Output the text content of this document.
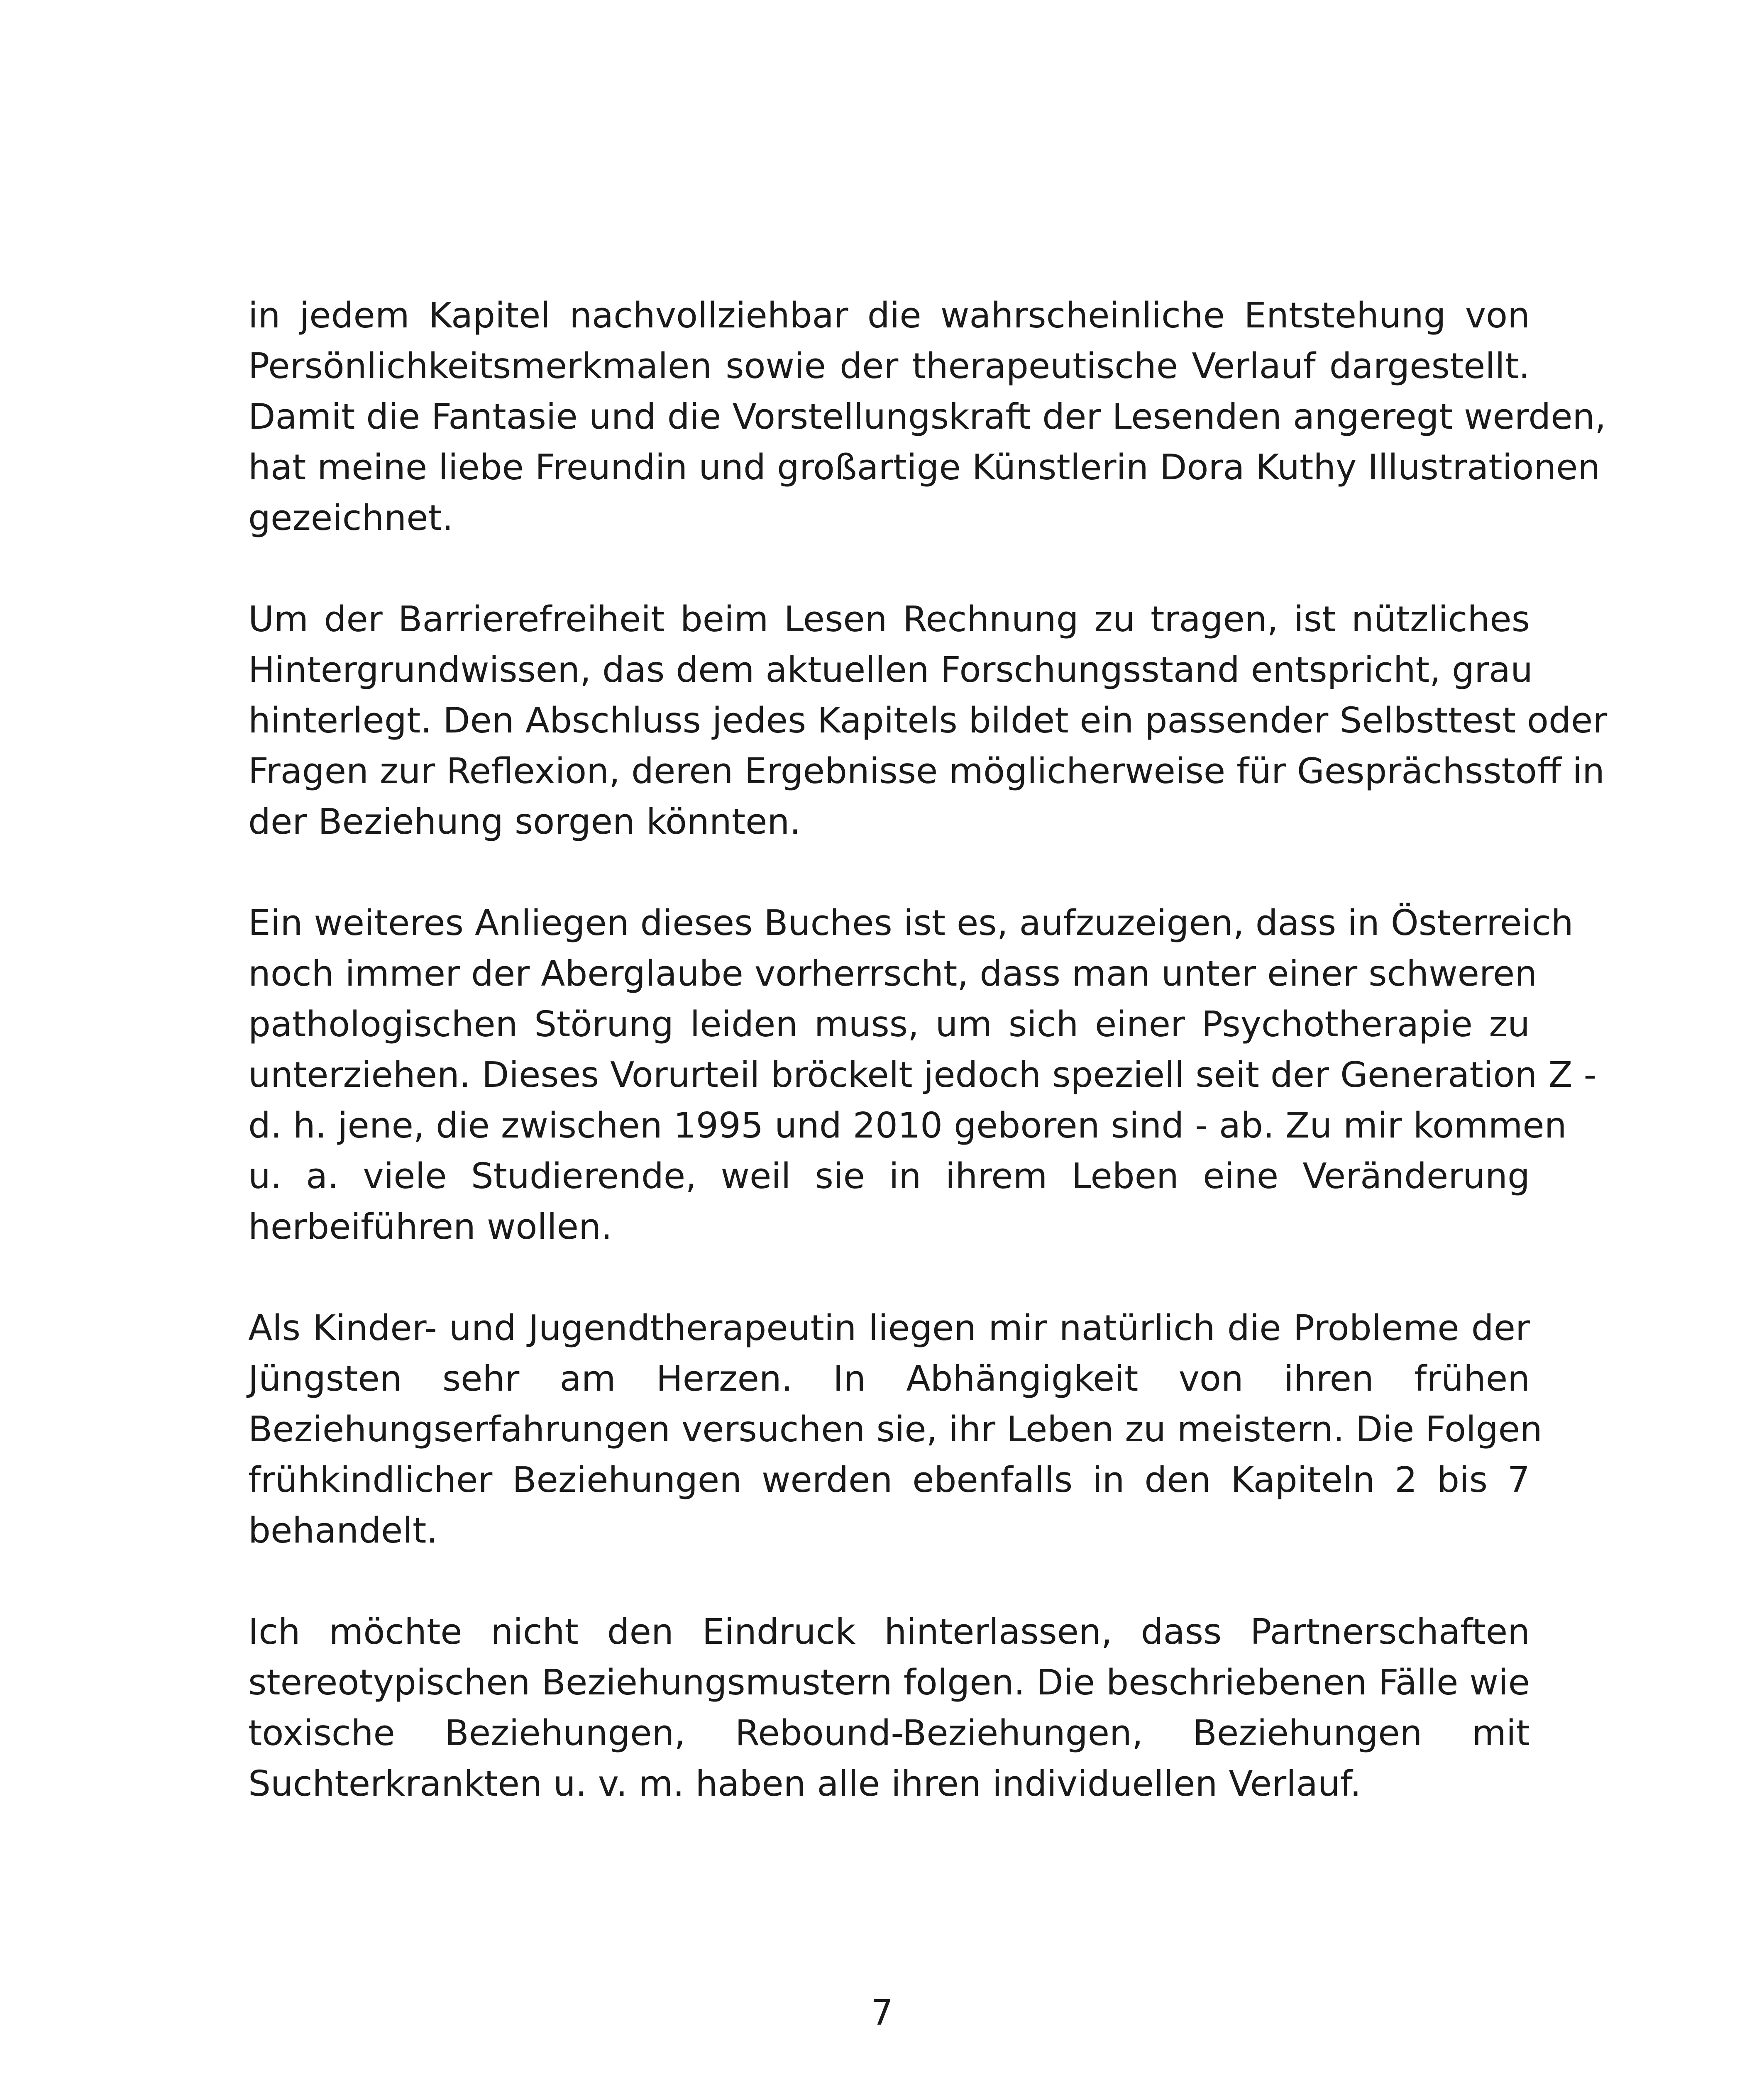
in jedem Kapitel nachvollziehbar die wahrscheinliche Entstehung von
Persönlichkeitsmerkmalen sowie der therapeutische Verlauf dargestellt.
Damit die Fantasie und die Vorstellungskraft der Lesenden angeregt werden,
hat meine liebe Freundin und großartige Künstlerin Dora Kuthy Illustrationen
gezeichnet.
Um der Barrierefreiheit beim Lesen Rechnung zu tragen, ist nützliches
Hintergrundwissen, das dem aktuellen Forschungsstand entspricht, grau
hinterlegt. Den Abschluss jedes Kapitels bildet ein passender Selbsttest oder
Fragen zur Reflexion, deren Ergebnisse möglicherweise für Gesprächsstoff in
der Beziehung sorgen könnten.
Ein weiteres Anliegen dieses Buches ist es, aufzuzeigen, dass in Österreich
noch immer der Aberglaube vorherrscht, dass man unter einer schweren
pathologischen Störung leiden muss, um sich einer Psychotherapie zu
unterziehen. Dieses Vorurteil bröckelt jedoch speziell seit der Generation Z -
d. h. jene, die zwischen 1995 und 2010 geboren sind - ab. Zu mir kommen
u. a. viele Studierende, weil sie in ihrem Leben eine Veränderung
herbeiführen wollen.
Als Kinder- und Jugendtherapeutin liegen mir natürlich die Probleme der
Jüngsten sehr am Herzen. In Abhängigkeit von ihren frühen
Beziehungserfahrungen versuchen sie, ihr Leben zu meistern. Die Folgen
frühkindlicher Beziehungen werden ebenfalls in den Kapiteln 2 bis 7
behandelt.
Ich möchte nicht den Eindruck hinterlassen, dass Partnerschaften
stereotypischen Beziehungsmustern folgen. Die beschriebenen Fälle wie
toxische Beziehungen, Rebound-Beziehungen, Beziehungen mit
Suchterkrankten u. v. m. haben alle ihren individuellen Verlauf.
7
